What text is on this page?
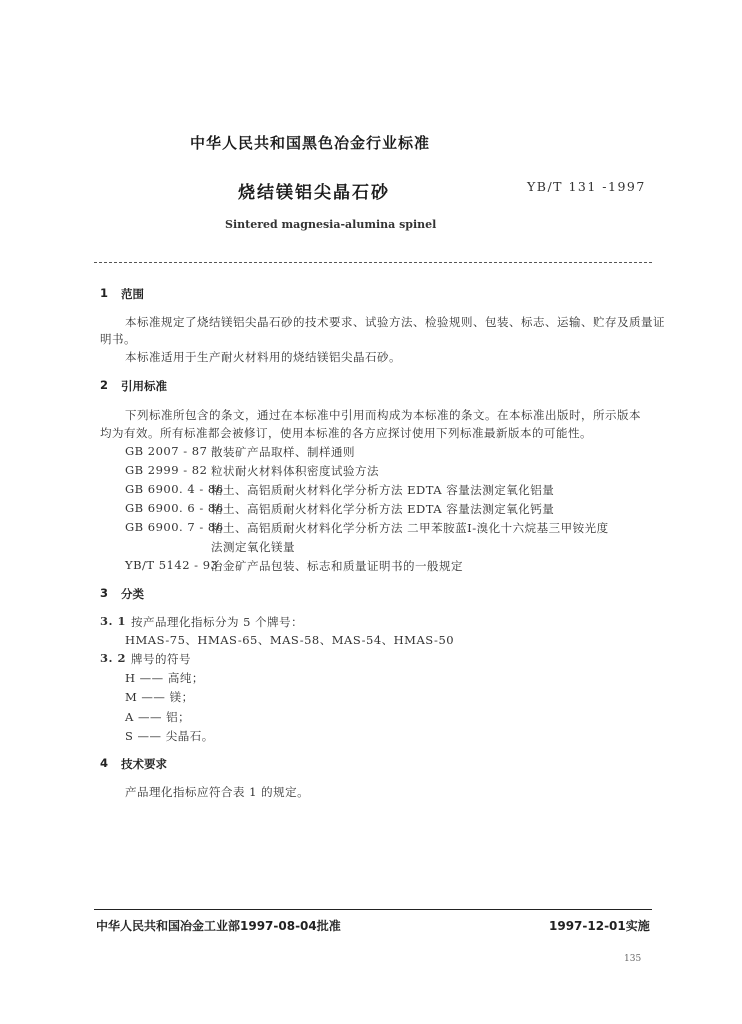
中华人民共和国黑色冶金行业标准
烧结镁铝尖晶石砂	YB/T 131 -1997
Sintered magnesia-alumina spinel
1 范围
本标准规定了烧结镁铝尖晶石砂的技术要求、试验方法、检验规则、包装、标志、运输、贮存及质量证
明书。
本标准适用于生产耐火材料用的烧结镁铝尖晶石砂。
2 引用标准
下列标准所包含的条文，通过在本标准中引用而构成为本标准的条文。在本标准出版时，所示版本
均为有效。所有标准都会被修订，使用本标准的各方应探讨使用下列标准最新版本的可能性。
GB 2007 - 87 散装矿产品取样、制样通则
GB 2999 - 82 粒状耐火材料体积密度试验方法
GB 6900. 4 - 86
粘土、高铝质耐火材料化学分析方法 EDTA 容量法测定氧化铝量
GB 6900. 6 - 86
粘土、高铝质耐火材料化学分析方法 EDTA 容量法测定氧化钙量
GB 6900. 7 - 86
粘土、高铝质耐火材料化学分析方法 二甲苯胺蓝Ⅰ-溴化十六烷基三甲铵光度
法测定氧化镁量
YB/T 5142 - 93
冶金矿产品包装、标志和质量证明书的一般规定
3 分类
3. 1 按产品理化指标分为 5 个牌号：
HMAS-75、HMAS-65、MAS-58、MAS-54、HMAS-50
3. 2 牌号的符号
H —— 高纯；
M —— 镁；
A —— 铝；
S —— 尖晶石。
4 技术要求
产品理化指标应符合表 1 的规定。
中华人民共和国冶金工业部1997-08-04批准	1997-12-01实施
135
